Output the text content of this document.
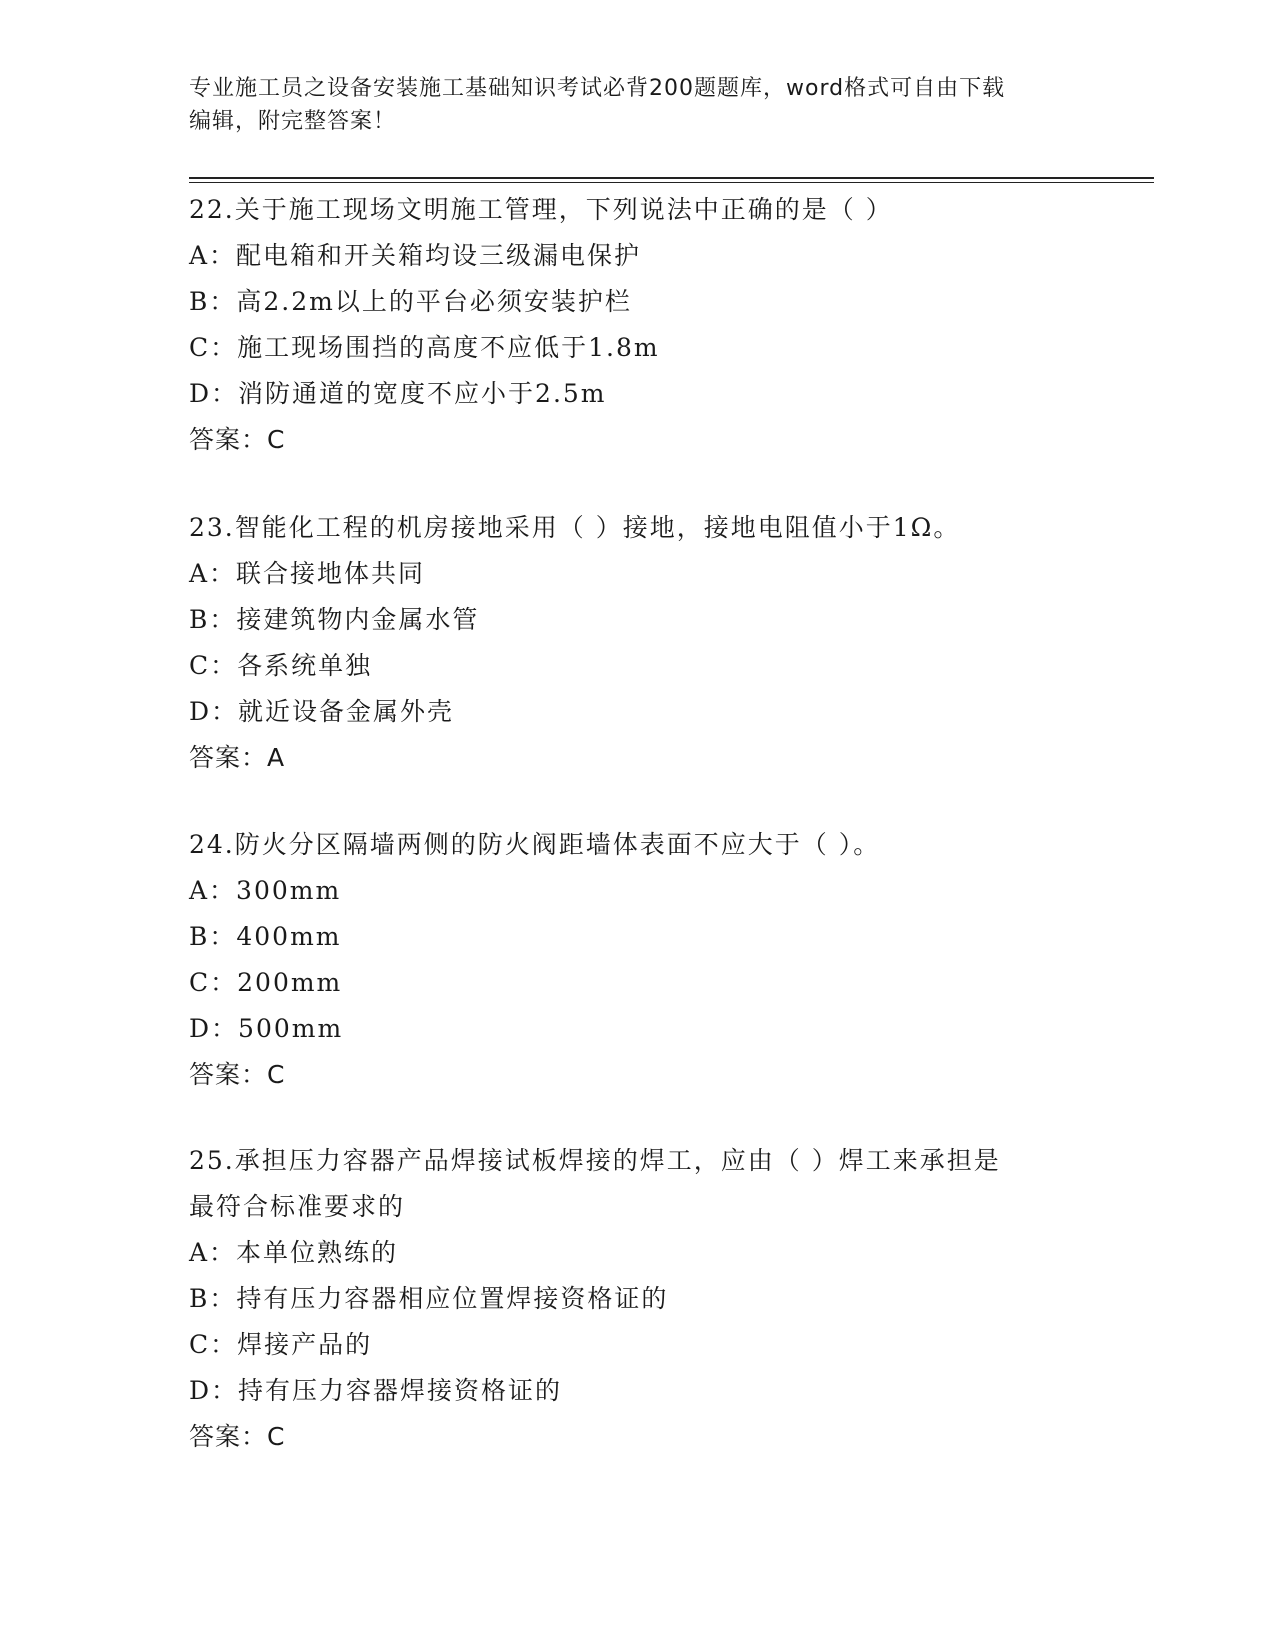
专业施工员之设备安装施工基础知识考试必背200题题库，word格式可自由下载
编辑，附完整答案！
22.关于施工现场文明施工管理，下列说法中正确的是（ ）
A：配电箱和开关箱均设三级漏电保护
B：高2.2m以上的平台必须安装护栏
C：施工现场围挡的高度不应低于1.8m
D：消防通道的宽度不应小于2.5m
答案：C
23.智能化工程的机房接地采用（ ）接地，接地电阻值小于1Ω。
A：联合接地体共同
B：接建筑物内金属水管
C：各系统单独
D：就近设备金属外壳
答案：A
24.防火分区隔墙两侧的防火阀距墙体表面不应大于（ ）。
A：300mm
B：400mm
C：200mm
D：500mm
答案：C
25.承担压力容器产品焊接试板焊接的焊工，应由（ ）焊工来承担是
最符合标准要求的
A：本单位熟练的
B：持有压力容器相应位置焊接资格证的
C：焊接产品的
D：持有压力容器焊接资格证的
答案：C
